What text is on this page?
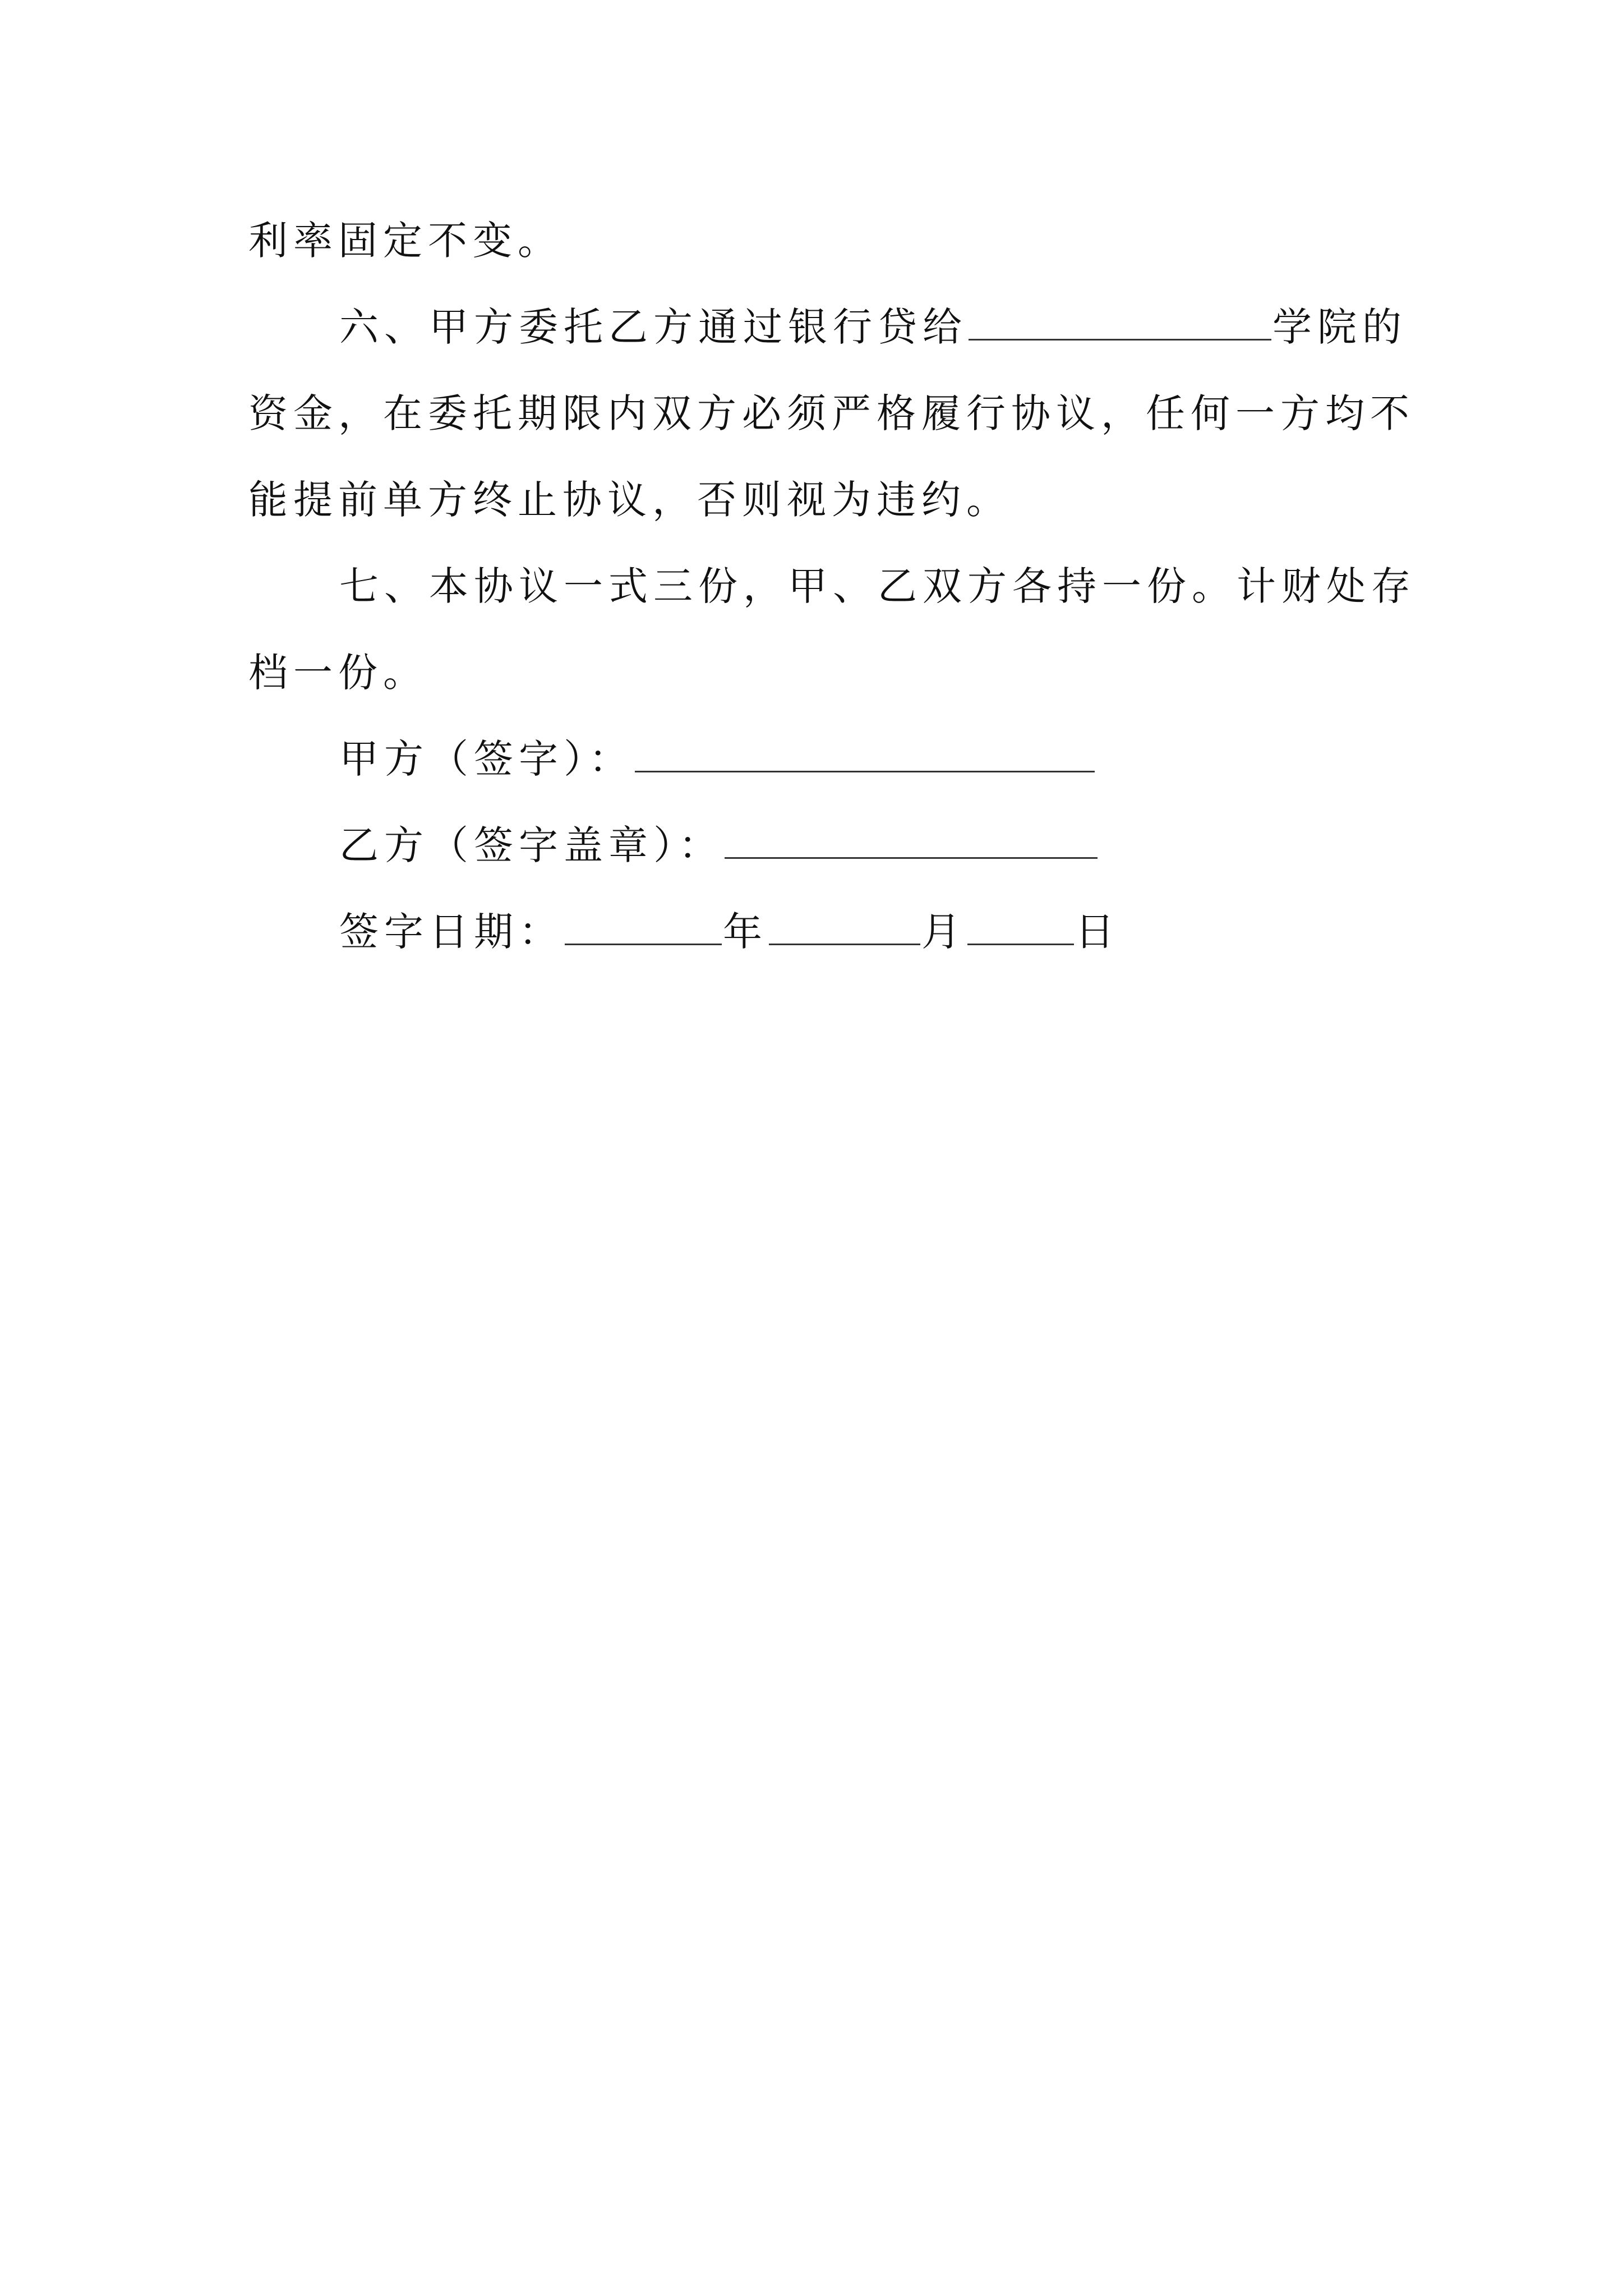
利率固定不变。
六、甲方委托乙方通过银行贷给	学院的
资金，在委托期限内双方必须严格履行协议，任何一方均不
能提前单方终止协议，否则视为违约。
七、本协议一式三份，甲、乙双方各持一份。计财处存
档一份。
甲方（签字）：
乙方（签字盖章）：
签字日期：	年	月	日
